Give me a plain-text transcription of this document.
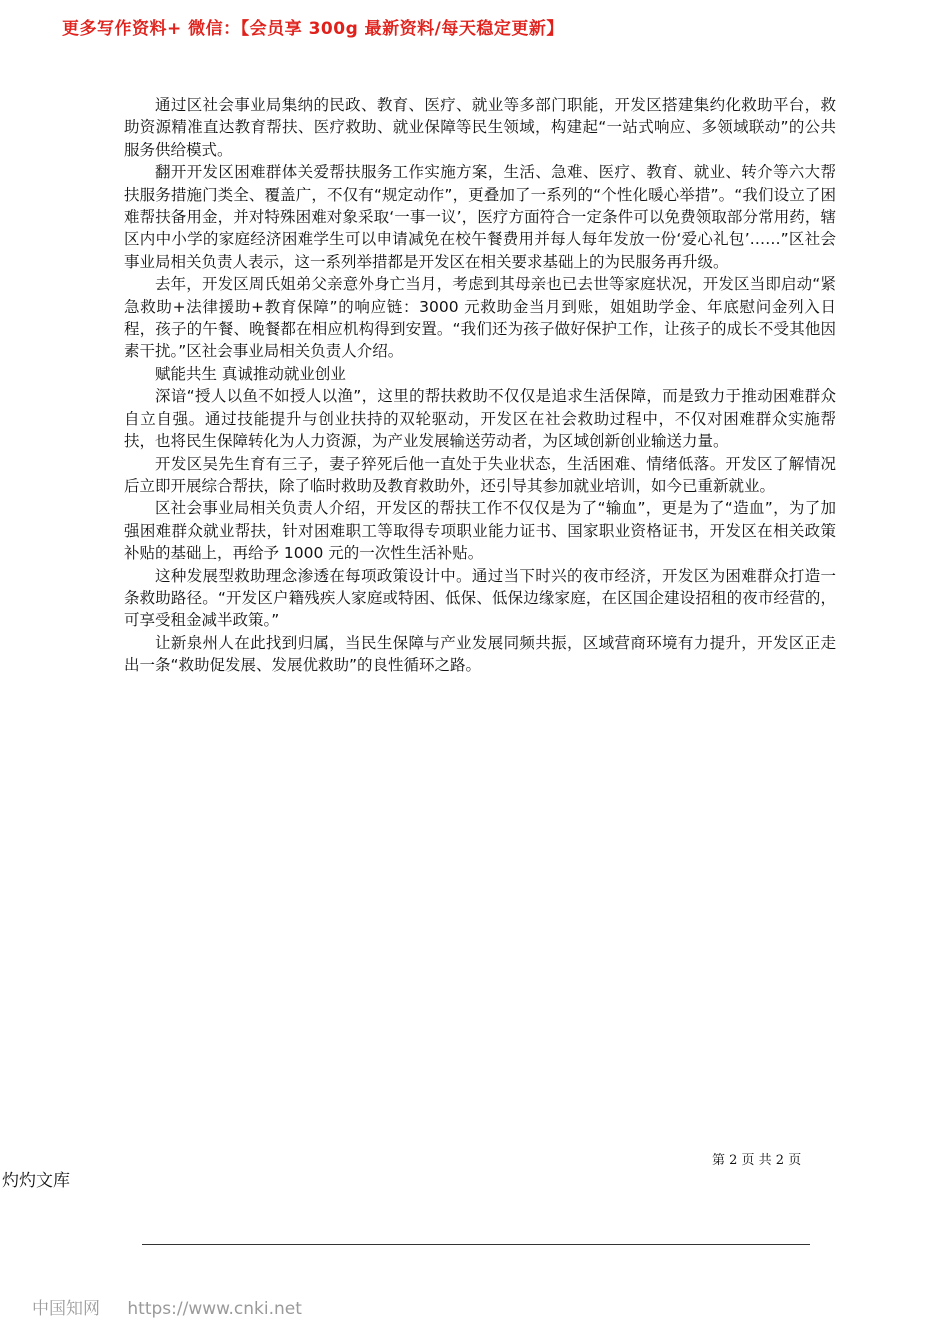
更多写作资料+ 微信：【会员享 300g 最新资料/每天稳定更新】

通过区社会事业局集纳的民政、教育、医疗、就业等多部门职能，开发区搭建集约化救助平台，救助资源精准直达教育帮扶、医疗救助、就业保障等民生领域，构建起“一站式响应、多领域联动”的公共服务供给模式。

翻开开发区困难群体关爱帮扶服务工作实施方案，生活、急难、医疗、教育、就业、转介等六大帮扶服务措施门类全、覆盖广，不仅有“规定动作”，更叠加了一系列的“个性化暖心举措”。“我们设立了困难帮扶备用金，并对特殊困难对象采取‘一事一议’，医疗方面符合一定条件可以免费领取部分常用药，辖区内中小学的家庭经济困难学生可以申请减免在校午餐费用并每人每年发放一份‘爱心礼包’……”区社会事业局相关负责人表示，这一系列举措都是开发区在相关要求基础上的为民服务再升级。

去年，开发区周氏姐弟父亲意外身亡当月，考虑到其母亲也已去世等家庭状况，开发区当即启动“紧急救助+法律援助+教育保障”的响应链：3000 元救助金当月到账，姐姐助学金、年底慰问金列入日程，孩子的午餐、晚餐都在相应机构得到安置。“我们还为孩子做好保护工作，让孩子的成长不受其他因素干扰。”区社会事业局相关负责人介绍。

赋能共生 真诚推动就业创业

深谙“授人以鱼不如授人以渔”，这里的帮扶救助不仅仅是追求生活保障，而是致力于推动困难群众自立自强。通过技能提升与创业扶持的双轮驱动，开发区在社会救助过程中，不仅对困难群众实施帮扶，也将民生保障转化为人力资源，为产业发展输送劳动者，为区域创新创业输送力量。

开发区吴先生育有三子，妻子猝死后他一直处于失业状态，生活困难、情绪低落。开发区了解情况后立即开展综合帮扶，除了临时救助及教育救助外，还引导其参加就业培训，如今已重新就业。

区社会事业局相关负责人介绍，开发区的帮扶工作不仅仅是为了“输血”，更是为了“造血”，为了加强困难群众就业帮扶，针对困难职工等取得专项职业能力证书、国家职业资格证书，开发区在相关政策补贴的基础上，再给予 1000 元的一次性生活补贴。

这种发展型救助理念渗透在每项政策设计中。通过当下时兴的夜市经济，开发区为困难群众打造一条救助路径。“开发区户籍残疾人家庭或特困、低保、低保边缘家庭，在区国企建设招租的夜市经营的，可享受租金减半政策。”

让新泉州人在此找到归属，当民生保障与产业发展同频共振，区域营商环境有力提升，开发区正走出一条“救助促发展、发展优救助”的良性循环之路。

第 2 页 共 2 页
灼灼文库
中国知网 https://www.cnki.net
